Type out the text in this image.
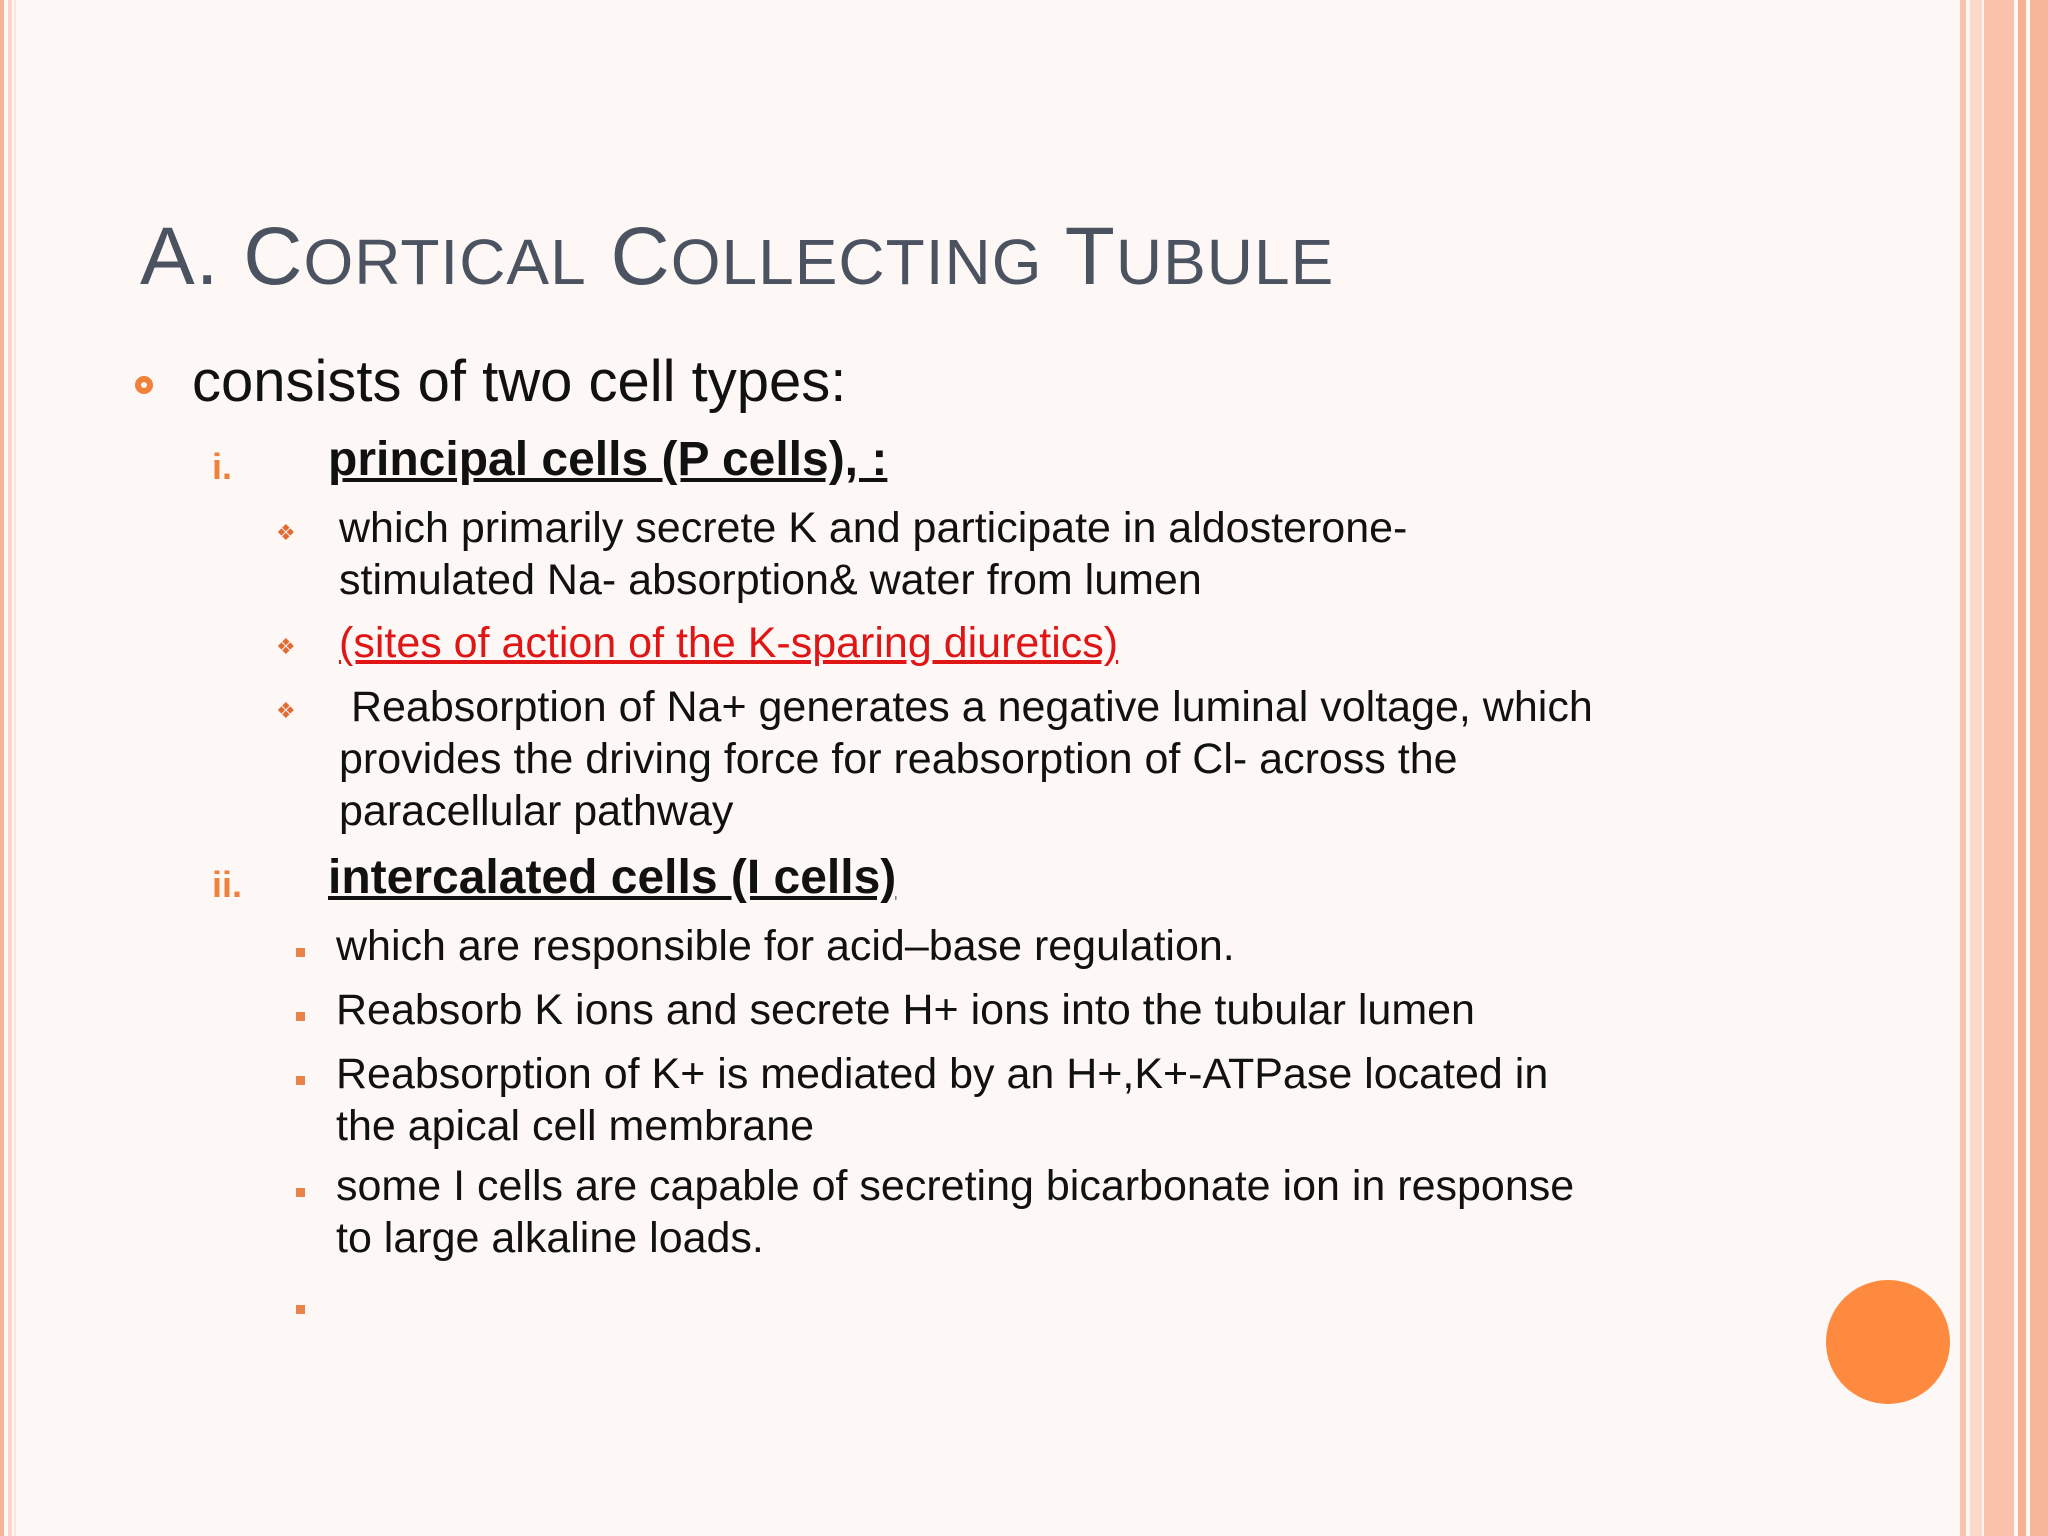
A. CORTICAL COLLECTING TUBULE
consists of two cell types:
i. principal cells (P cells), :
❖ which primarily secrete K and participate in aldosterone-
stimulated Na- absorption& water from lumen
❖ (sites of action of the K-sparing diuretics)
❖ Reabsorption of Na+ generates a negative luminal voltage, which
provides the driving force for reabsorption of Cl- across the
paracellular pathway
ii. intercalated cells (I cells)
which are responsible for acid–base regulation.
Reabsorb K ions and secrete H+ ions into the tubular lumen
Reabsorption of K+ is mediated by an H+,K+-ATPase located in
the apical cell membrane
some I cells are capable of secreting bicarbonate ion in response
to large alkaline loads.
